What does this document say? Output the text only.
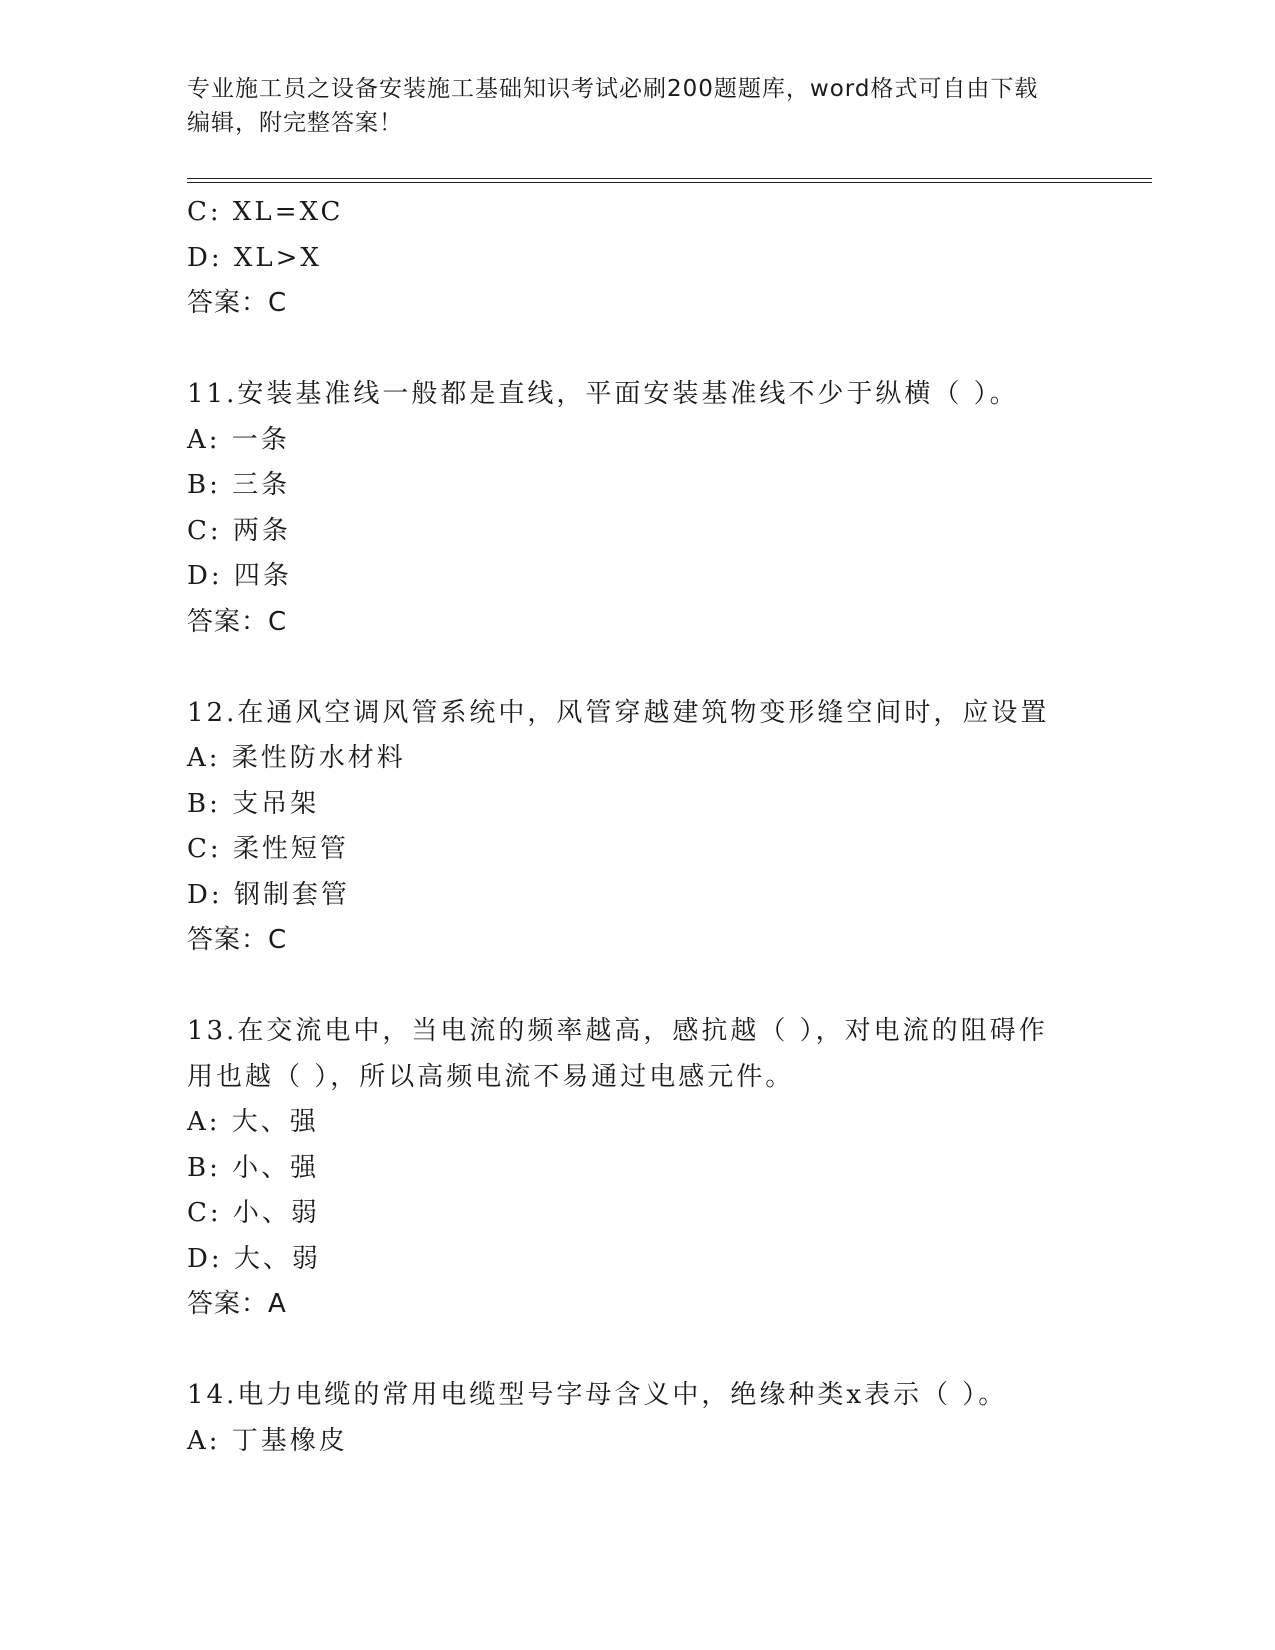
专业施工员之设备安装施工基础知识考试必刷200题题库，word格式可自由下载
编辑，附完整答案！
C: XL=XC
D: XL>X
答案：C
11.安装基准线一般都是直线，平面安装基准线不少于纵横（ ）。
A: 一条
B: 三条
C: 两条
D: 四条
答案：C
12.在通风空调风管系统中，风管穿越建筑物变形缝空间时，应设置
A: 柔性防水材料
B: 支吊架
C: 柔性短管
D: 钢制套管
答案：C
13.在交流电中，当电流的频率越高，感抗越（ ），对电流的阻碍作
用也越（ ），所以高频电流不易通过电感元件。
A: 大、强
B: 小、强
C: 小、弱
D: 大、弱
答案：A
14.电力电缆的常用电缆型号字母含义中，绝缘种类x表示（ ）。
A: 丁基橡皮
